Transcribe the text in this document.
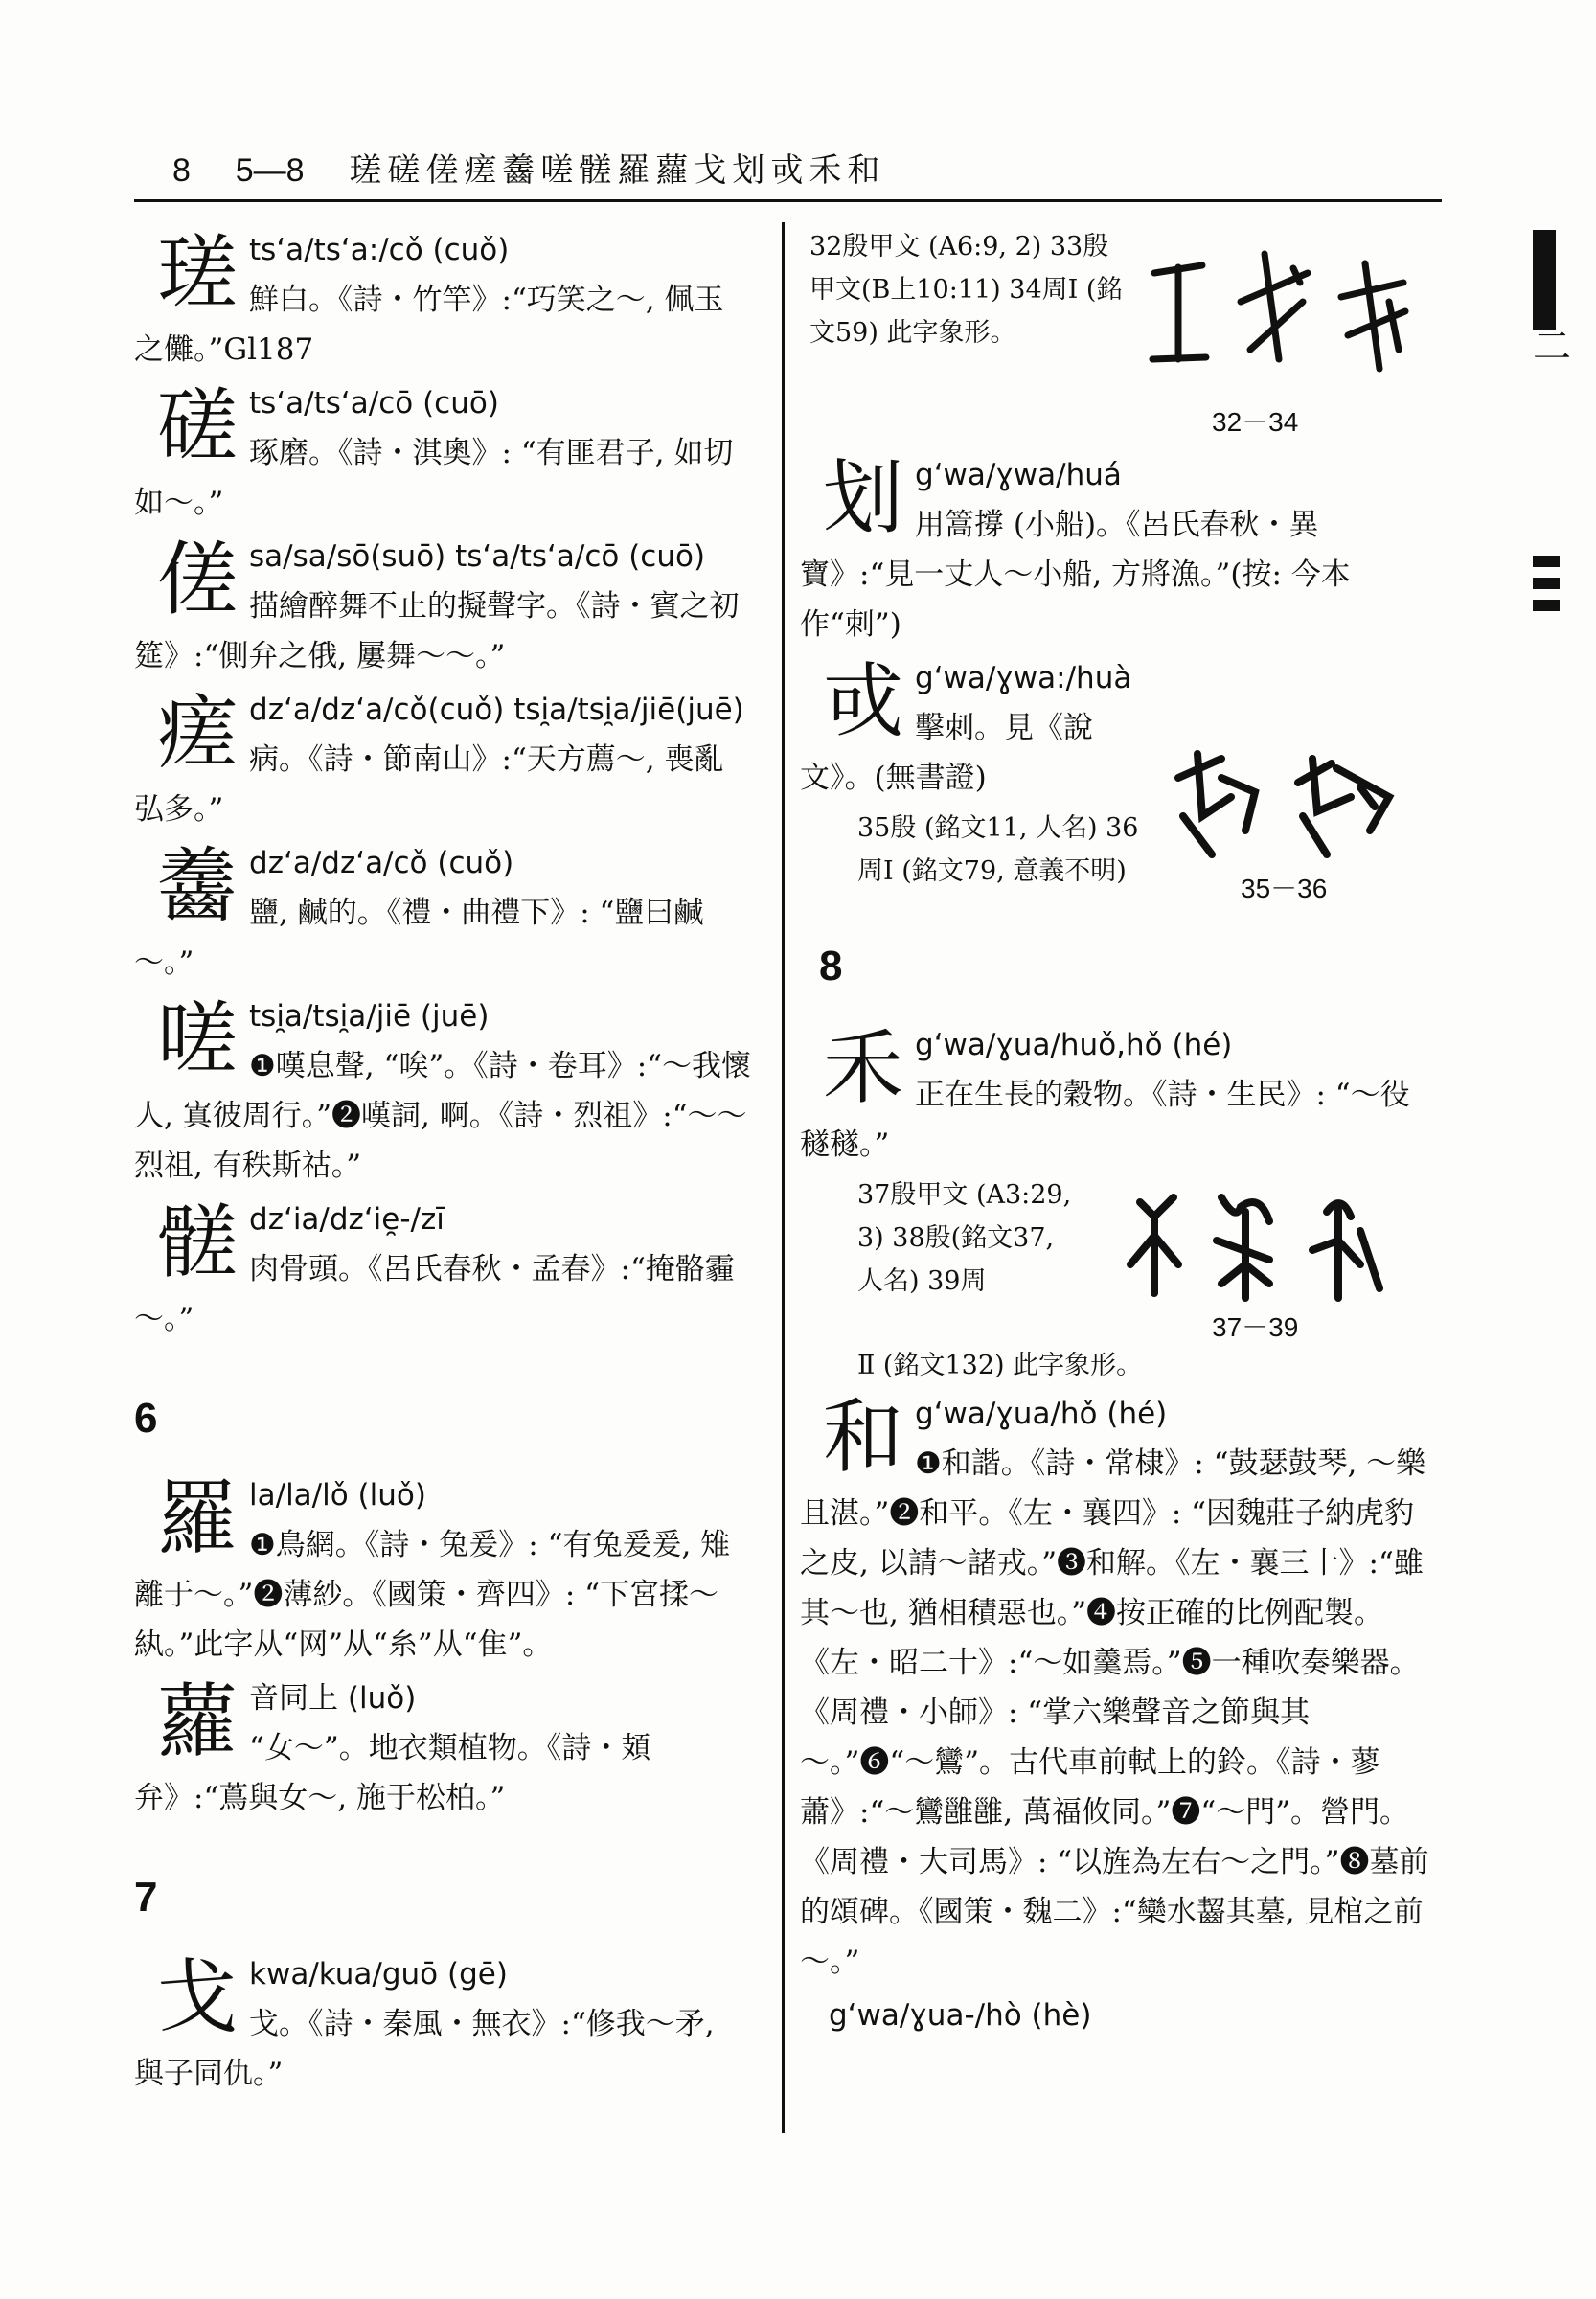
8 5—8 瑳磋傞瘥齹嗟髊羅蘿戈划戓禾和
瑳 ts‘a/ts‘a:/cǒ (cuǒ)
鮮白。《詩・竹竿》:“巧笑之～, 佩玉之儺。”Gl187
磋 ts‘a/ts‘a/cō (cuō)
琢磨。《詩・淇奧》: “有匪君子, 如切如～。”
傞 sa/sa/sō(suō) ts‘a/ts‘a/cō (cuō)
描繪醉舞不止的擬聲字。《詩・賓之初筵》:“側弁之俄, 屢舞～～。”
瘥 dz‘a/dz‘a/cǒ(cuǒ) tsi̯a/tsi̯a/jiē(juē)
病。《詩・節南山》:“天方薦～, 喪亂弘多。”
齹 dz‘a/dz‘a/cǒ (cuǒ)
鹽, 鹹的。《禮・曲禮下》: “鹽曰鹹～。”
嗟 tsi̯a/tsi̯a/jiē (juē)
❶嘆息聲, “唉”。《詩・卷耳》:“～我懷人, 寘彼周行。”❷嘆詞, 啊。《詩・烈祖》:“～～烈祖, 有秩斯祜。”
髊 dz‘ia/dz‘ie̯-/zī
肉骨頭。《呂氏春秋・孟春》:“掩骼霾～。”
6
羅 la/la/lǒ (luǒ)
❶鳥網。《詩・兔爰》: “有兔爰爰, 雉離于～。”❷薄紗。《國策・齊四》: “下宮揉～紈。”此字从“网”从“糸”从“隹”。
蘿 音同上 (luǒ)
“女～”。地衣類植物。《詩・頍弁》:“蔦與女～, 施于松柏。”
7
戈 kwa/kua/guō (gē)
戈。《詩・秦風・無衣》:“修我～矛, 與子同仇。”
32殷甲文 (A6:9, 2) 33殷甲文(B上10:11) 34周Ⅰ (銘文59) 此字象形。
32－34
划 g‘wa/ɣwa/huá
用篙撐 (小船)。《呂氏春秋・異寶》:“見一丈人～小船, 方將漁。”(按: 今本作“刺”)
戓 g‘wa/ɣwa:/huà
擊刺。見《說文》。(無書證)
35殷 (銘文11, 人名) 36周Ⅰ (銘文79, 意義不明)
35－36
8
禾 g‘wa/ɣua/huǒ,hǒ (hé)
正在生長的穀物。《詩・生民》: “～役穟穟。”
37殷甲文 (A3:29, 3) 38殷(銘文37, 人名) 39周
37－39
Ⅱ (銘文132) 此字象形。
和 g‘wa/ɣua/hǒ (hé)
❶和諧。《詩・常棣》: “鼓瑟鼓琴, ～樂且湛。”❷和平。《左・襄四》: “因魏莊子納虎豹之皮, 以請～諸戎。”❸和解。《左・襄三十》:“雖其～也, 猶相積惡也。”❹按正確的比例配製。《左・昭二十》:“～如羹焉。”❺一種吹奏樂器。《周禮・小師》: “掌六樂聲音之節與其～。”❻“～鸞”。古代車前軾上的鈴。《詩・蓼蕭》:“～鸞雝雝, 萬福攸同。”❼“～門”。營門。《周禮・大司馬》: “以旌為左右～之門。”❽墓前的頌碑。《國策・魏二》:“欒水齧其墓, 見棺之前～。”
g‘wa/ɣua-/hò (hè)
二
